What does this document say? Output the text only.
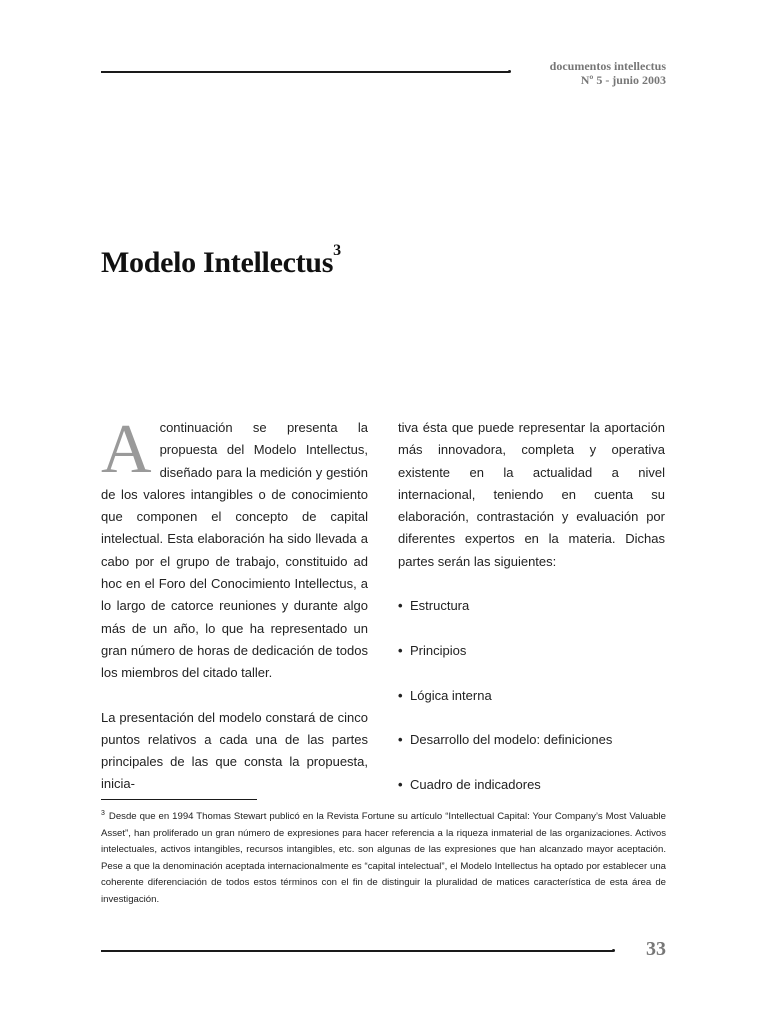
documentos intellectus
Nº 5 - junio 2003
Modelo Intellectus$^3$

Acontinuación se presenta la propuesta del Modelo Intellectus, diseñado para la medición y gestión de los valores intangibles o de conocimiento que componen el concepto de capital intelectual. Esta elaboración ha sido llevada a cabo por el grupo de trabajo, constituido ad hoc en el Foro del Conocimiento Intellectus, a lo largo de catorce reuniones y durante algo más de un año, lo que ha representado un gran número de horas de dedicación de todos los miembros del citado taller.

La presentación del modelo constará de cinco puntos relativos a cada una de las partes principales de las que consta la propuesta, inicia-

tiva ésta que puede representar la aportación más innovadora, completa y operativa existente en la actualidad a nivel internacional, teniendo en cuenta su elaboración, contrastación y evaluación por diferentes expertos en la materia. Dichas partes serán las siguientes:

• Estructura
• Principios
• Lógica interna
• Desarrollo del modelo: definiciones
• Cuadro de indicadores
$^3$ Desde que en 1994 Thomas Stewart publicó en la Revista Fortune su artículo “Intellectual Capital: Your Company’s Most Valuable Asset”, han proliferado un gran número de expresiones para hacer referencia a la riqueza inmaterial de las organizaciones. Activos intelectuales, activos intangibles, recursos intangibles, etc. son algunas de las expresiones que han alcanzado mayor aceptación. Pese a que la denominación aceptada internacionalmente es “capital intelectual”, el Modelo Intellectus ha optado por establecer una coherente diferenciación de todos estos términos con el fin de distinguir la pluralidad de matices característica de esta área de investigación.
33
